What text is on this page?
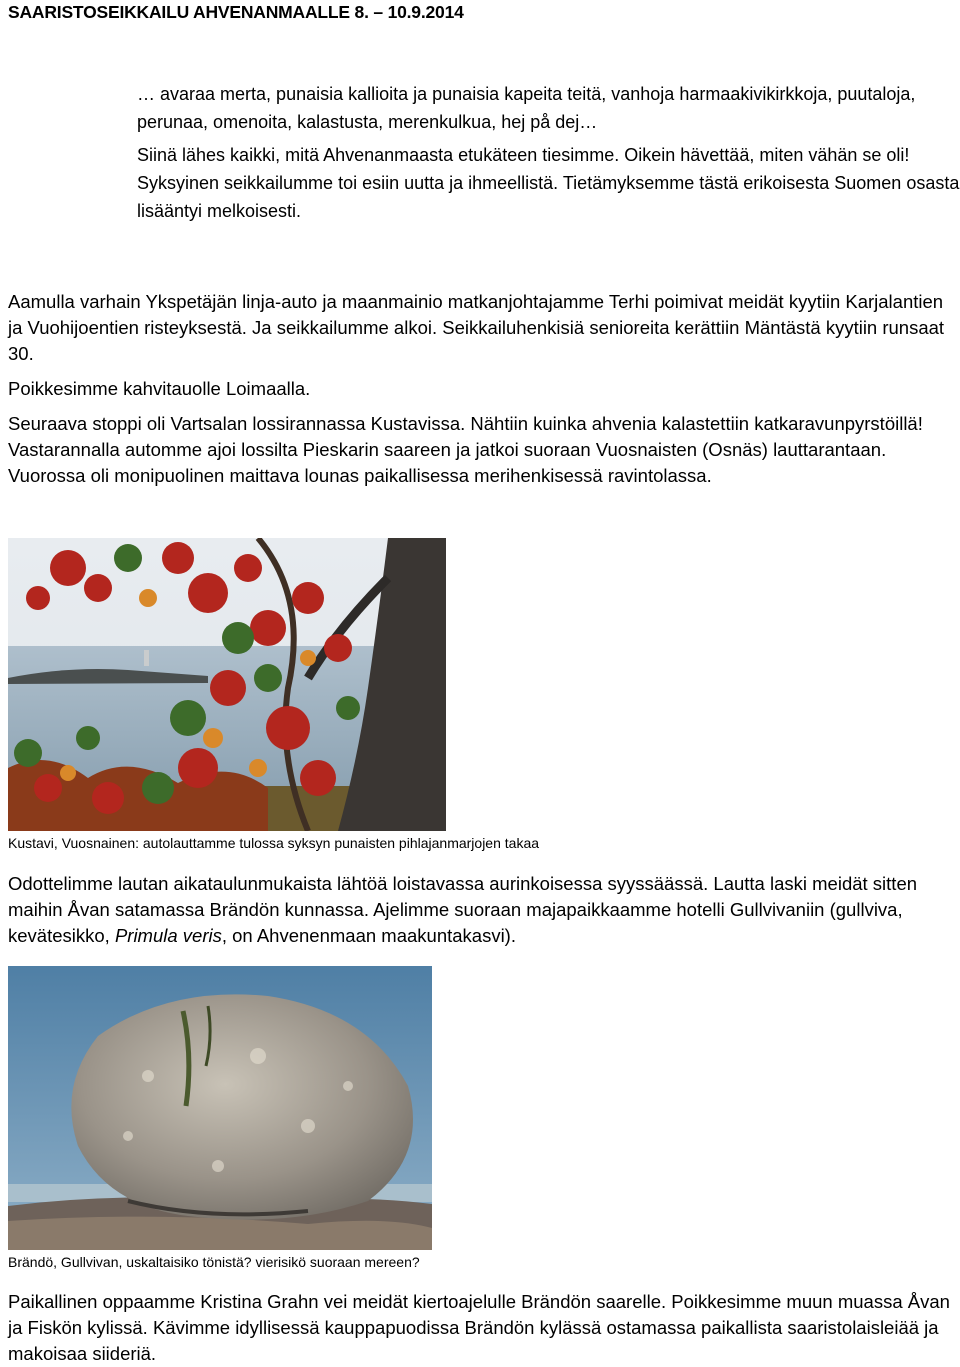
SAARISTOSEIKKAILU AHVENANMAALLE 8. – 10.9.2014

… avaraa merta, punaisia kallioita ja punaisia kapeita teitä, vanhoja harmaakivikirkkoja, puutaloja, perunaa, omenoita, kalastusta, merenkulkua, hej på dej…

Siinä lähes kaikki, mitä Ahvenanmaasta etukäteen tiesimme. Oikein hävettää, miten vähän se oli! Syksyinen seikkailumme toi esiin uutta ja ihmeellistä. Tietämyksemme tästä erikoisesta Suomen osasta lisääntyi melkoisesti.

Aamulla varhain Ykspetäjän linja-auto ja maanmainio matkanjohtajamme Terhi poimivat meidät kyytiin Karjalantien ja Vuohijoentien risteyksestä. Ja seikkailumme alkoi. Seikkailuhenkisiä senioreita kerättiin Mäntästä kyytiin runsaat 30.

Poikkesimme kahvitauolle Loimaalla.

Seuraava stoppi oli Vartsalan lossirannassa Kustavissa. Nähtiin kuinka ahvenia kalastettiin katkaravunpyrstöillä! Vastarannalla automme ajoi lossilta Pieskarin saareen ja jatkoi suoraan Vuosnaisten (Osnäs) lauttarantaan. Vuorossa oli monipuolinen maittava lounas paikallisessa merihenkisessä ravintolassa.

Kustavi, Vuosnainen: autolauttamme tulossa syksyn punaisten pihlajanmarjojen takaa

Odottelimme lautan aikataulunmukaista lähtöä loistavassa aurinkoisessa syyssäässä. Lautta laski meidät sitten maihin Åvan satamassa Brändön kunnassa. Ajelimme suoraan majapaikkaamme hotelli Gullvivaniin (gullviva, kevätesikko, Primula veris, on Ahvenenmaan maakuntakasvi).

Brändö, Gullvivan, uskaltaisiko tönistä? vierisikö suoraan mereen?

Paikallinen oppaamme Kristina Grahn vei meidät kiertoajelulle Brändön saarelle. Poikkesimme muun muassa Åvan ja Fiskön kylissä. Kävimme idyllisessä kauppapuodissa Brändön kylässä ostamassa paikallista saaristolaisleiää ja makoisaa siideriä.
